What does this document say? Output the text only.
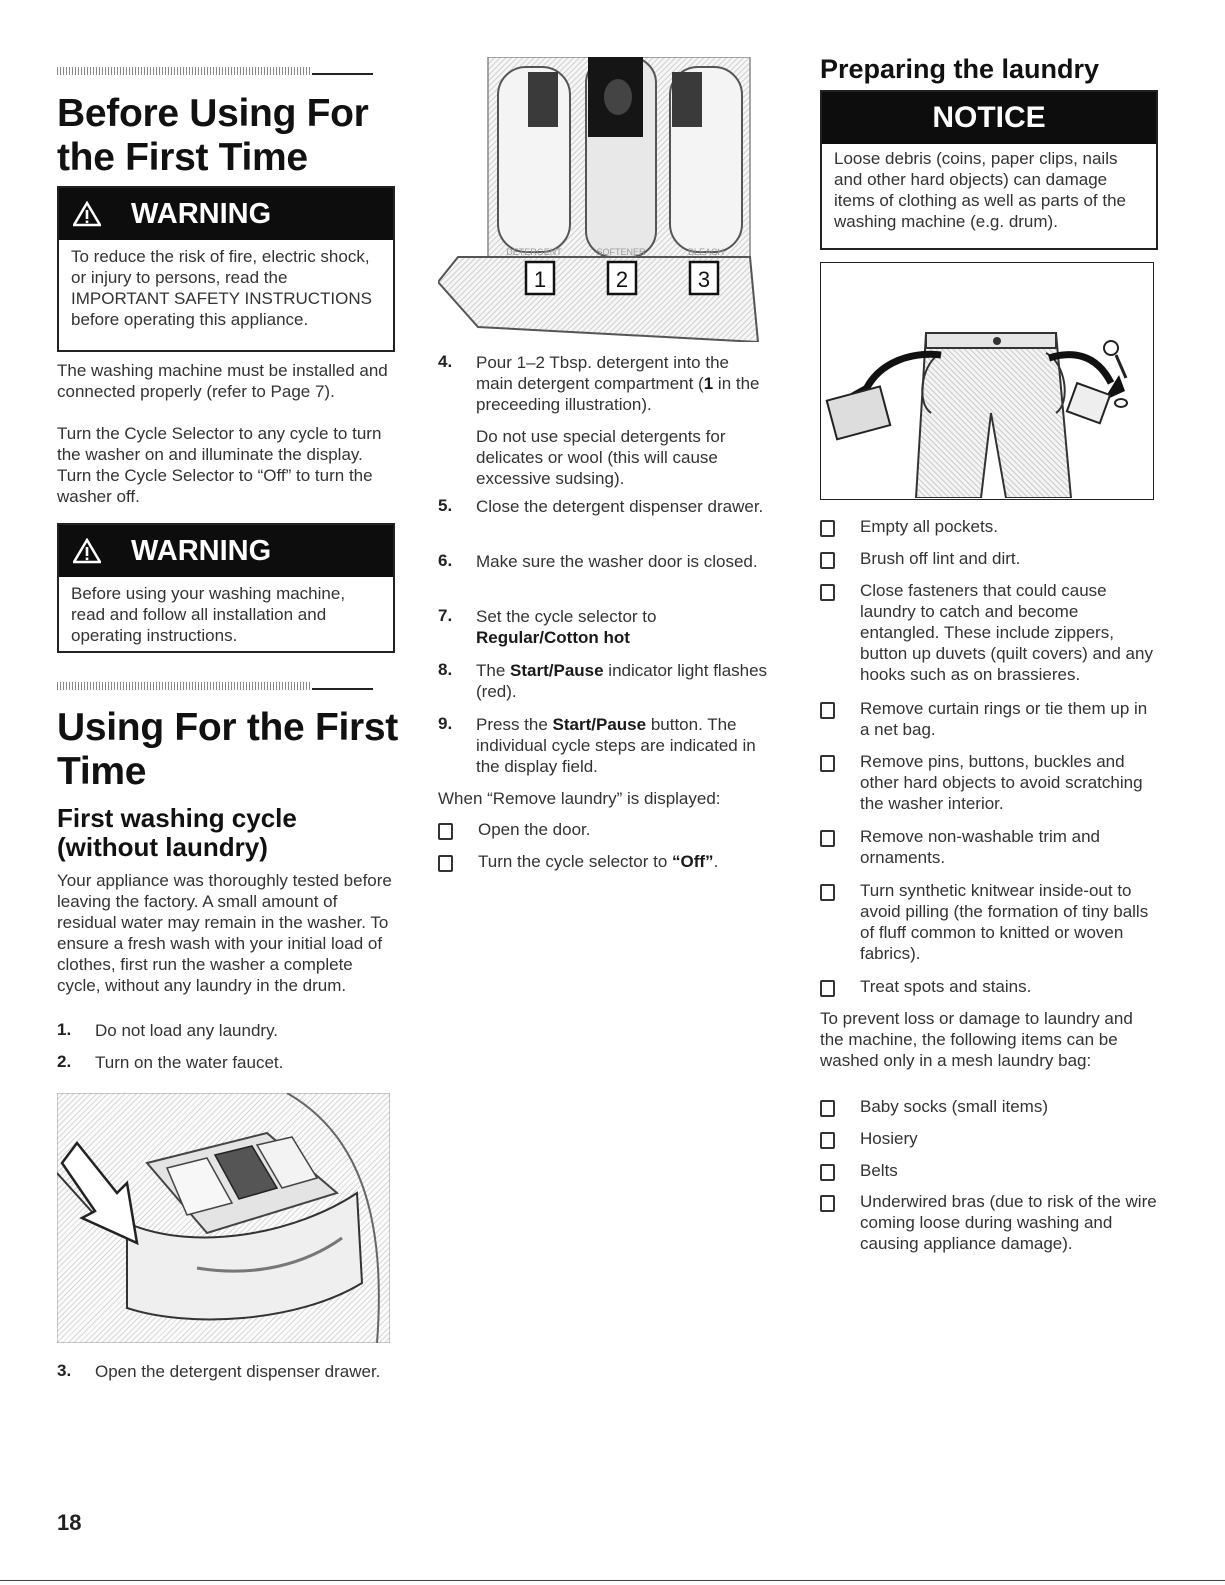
Before Using For the First Time
WARNING
To reduce the risk of fire, electric shock, or injury to persons, read the IMPORTANT SAFETY INSTRUCTIONS before operating this appliance.

The washing machine must be installed and connected properly (refer to Page 7).

Turn the Cycle Selector to any cycle to turn the washer on and illuminate the display. Turn the Cycle Selector to “Off” to turn the washer off.

WARNING
Before using your washing machine, read and follow all installation and operating instructions.
Using For the First Time
First washing cycle (without laundry)

Your appliance was thoroughly tested before leaving the factory. A small amount of residual water may remain in the washer. To ensure a fresh wash with your initial load of clothes, first run the washer a complete cycle, without any laundry in the drum.

1.	Do not load any laundry.
2.	Turn on the water faucet.
3.	Open the detergent dispenser drawer.
18
1	2	3
DETERGENT	SOFTENER	BLEACH
4.	Pour 1–2 Tbsp. detergent into the main detergent compartment (1 in the preceeding illustration).

Do not use special detergents for delicates or wool (this will cause excessive sudsing).

5.	Close the detergent dispenser drawer.
6.	Make sure the washer door is closed.
7.	Set the cycle selector to
Regular/Cotton hot
8.	The Start/Pause indicator light flashes (red).
9.	Press the Start/Pause button. The individual cycle steps are indicated in the display field.

When “Remove laundry” is displayed:

Open the door.
Turn the cycle selector to “Off”.
Preparing the laundry
NOTICE
Loose debris (coins, paper clips, nails and other hard objects) can damage items of clothing as well as parts of the washing machine (e.g. drum).
Empty all pockets.
Brush off lint and dirt.
Close fasteners that could cause laundry to catch and become entangled. These include zippers, button up duvets (quilt covers) and any hooks such as on brassieres.
Remove curtain rings or tie them up in a net bag.
Remove pins, buttons, buckles and other hard objects to avoid scratching the washer interior.
Remove non-washable trim and ornaments.
Turn synthetic knitwear inside-out to avoid pilling (the formation of tiny balls of fluff common to knitted or woven fabrics).
Treat spots and stains.

To prevent loss or damage to laundry and the machine, the following items can be washed only in a mesh laundry bag:

Baby socks (small items)
Hosiery
Belts
Underwired bras (due to risk of the wire coming loose during washing and causing appliance damage).
